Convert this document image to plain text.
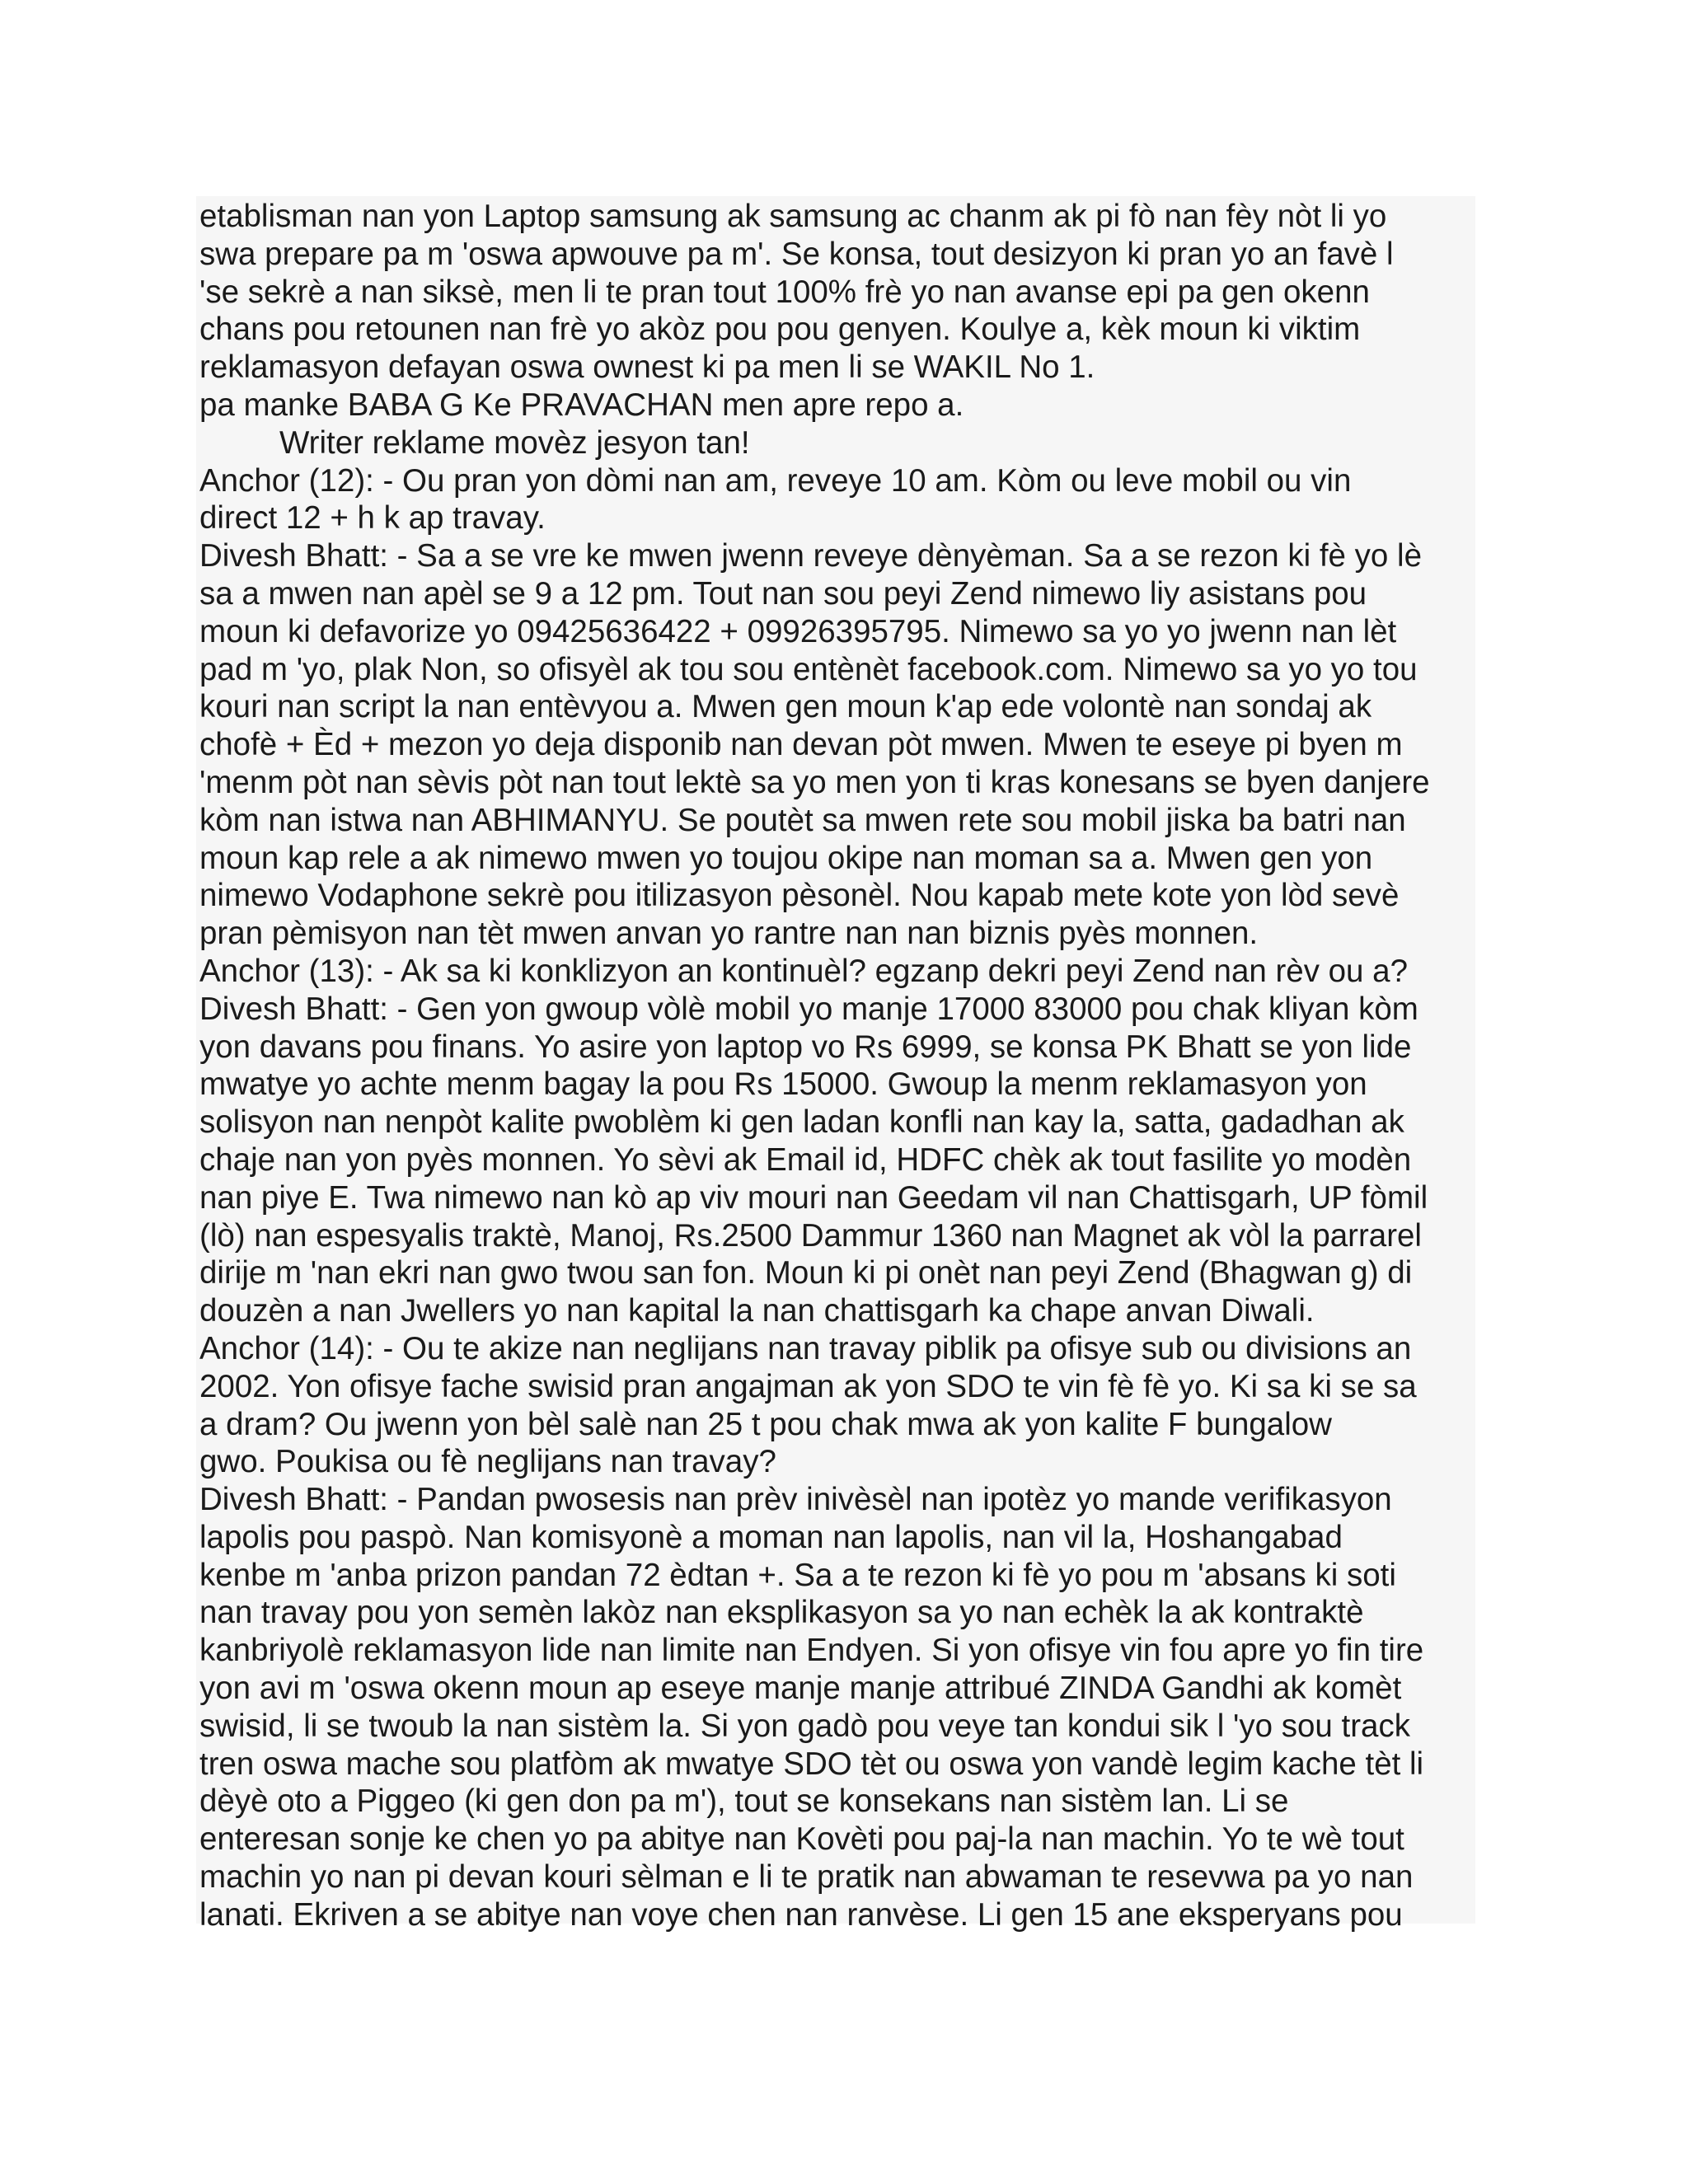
etablisman nan yon Laptop samsung ak samsung ac chanm ak pi fò nan fèy nòt li yo
swa prepare pa m 'oswa apwouve pa m'. Se konsa, tout desizyon ki pran yo an favè l
'se sekrè a nan siksè, men li te pran tout 100% frè yo nan avanse epi pa gen okenn
chans pou retounen nan frè yo akòz pou pou genyen. Koulye a, kèk moun ki viktim
reklamasyon defayan oswa ownest ki pa men li se WAKIL No 1.
pa manke BABA G Ke PRAVACHAN men apre repo a.
Writer reklame movèz jesyon tan!
Anchor (12): - Ou pran yon dòmi nan am, reveye 10 am. Kòm ou leve mobil ou vin
direct 12 + h k ap travay.
Divesh Bhatt: - Sa a se vre ke mwen jwenn reveye dènyèman. Sa a se rezon ki fè yo lè
sa a mwen nan apèl se 9 a 12 pm. Tout nan sou peyi Zend nimewo liy asistans pou
moun ki defavorize yo 09425636422 + 09926395795. Nimewo sa yo yo jwenn nan lèt
pad m 'yo, plak Non, so ofisyèl ak tou sou entènèt facebook.com. Nimewo sa yo yo tou
kouri nan script la nan entèvyou a. Mwen gen moun k'ap ede volontè nan sondaj ak
chofè + Èd + mezon yo deja disponib nan devan pòt mwen. Mwen te eseye pi byen m
'menm pòt nan sèvis pòt nan tout lektè sa yo men yon ti kras konesans se byen danjere
kòm nan istwa nan ABHIMANYU. Se poutèt sa mwen rete sou mobil jiska ba batri nan
moun kap rele a ak nimewo mwen yo toujou okipe nan moman sa a. Mwen gen yon
nimewo Vodaphone sekrè pou itilizasyon pèsonèl. Nou kapab mete kote yon lòd sevè
pran pèmisyon nan tèt mwen anvan yo rantre nan nan biznis pyès monnen.
Anchor (13): - Ak sa ki konklizyon an kontinuèl? egzanp dekri peyi Zend nan rèv ou a?
Divesh Bhatt: - Gen yon gwoup vòlè mobil yo manje 17000 83000 pou chak kliyan kòm
yon davans pou finans. Yo asire yon laptop vo Rs 6999, se konsa PK Bhatt se yon lide
mwatye yo achte menm bagay la pou Rs 15000. Gwoup la menm reklamasyon yon
solisyon nan nenpòt kalite pwoblèm ki gen ladan konfli nan kay la, satta, gadadhan ak
chaje nan yon pyès monnen. Yo sèvi ak Email id, HDFC chèk ak tout fasilite yo modèn
nan piye E. Twa nimewo nan kò ap viv mouri nan Geedam vil nan Chattisgarh, UP fòmil
(lò) nan espesyalis traktè, Manoj, Rs.2500 Dammur 1360 nan Magnet ak vòl la parrarel
dirije m 'nan ekri nan gwo twou san fon. Moun ki pi onèt nan peyi Zend (Bhagwan g) di
douzèn a nan Jwellers yo nan kapital la nan chattisgarh ka chape anvan Diwali.
Anchor (14): - Ou te akize nan neglijans nan travay piblik pa ofisye sub ou divisions an
2002. Yon ofisye fache swisid pran angajman ak yon SDO te vin fè fè yo. Ki sa ki se sa
a dram? Ou jwenn yon bèl salè nan 25 t pou chak mwa ak yon kalite F bungalow
gwo. Poukisa ou fè neglijans nan travay?
Divesh Bhatt: - Pandan pwosesis nan prèv inivèsèl nan ipotèz yo mande verifikasyon
lapolis pou paspò. Nan komisyonè a moman nan lapolis, nan vil la, Hoshangabad
kenbe m 'anba prizon pandan 72 èdtan +. Sa a te rezon ki fè yo pou m 'absans ki soti
nan travay pou yon semèn lakòz nan eksplikasyon sa yo nan echèk la ak kontraktè
kanbriyolè reklamasyon lide nan limite nan Endyen. Si yon ofisye vin fou apre yo fin tire
yon avi m 'oswa okenn moun ap eseye manje manje attribué ZINDA Gandhi ak komèt
swisid, li se twoub la nan sistèm la. Si yon gadò pou veye tan kondui sik l 'yo sou track
tren oswa mache sou platfòm ak mwatye SDO tèt ou oswa yon vandè legim kache tèt li
dèyè oto a Piggeo (ki gen don pa m'), tout se konsekans nan sistèm lan. Li se
enteresan sonje ke chen yo pa abitye nan Kovèti pou paj-la nan machin. Yo te wè tout
machin yo nan pi devan kouri sèlman e li te pratik nan abwaman te resevwa pa yo nan
lanati. Ekriven a se abitye nan voye chen nan ranvèse. Li gen 15 ane eksperyans pou
